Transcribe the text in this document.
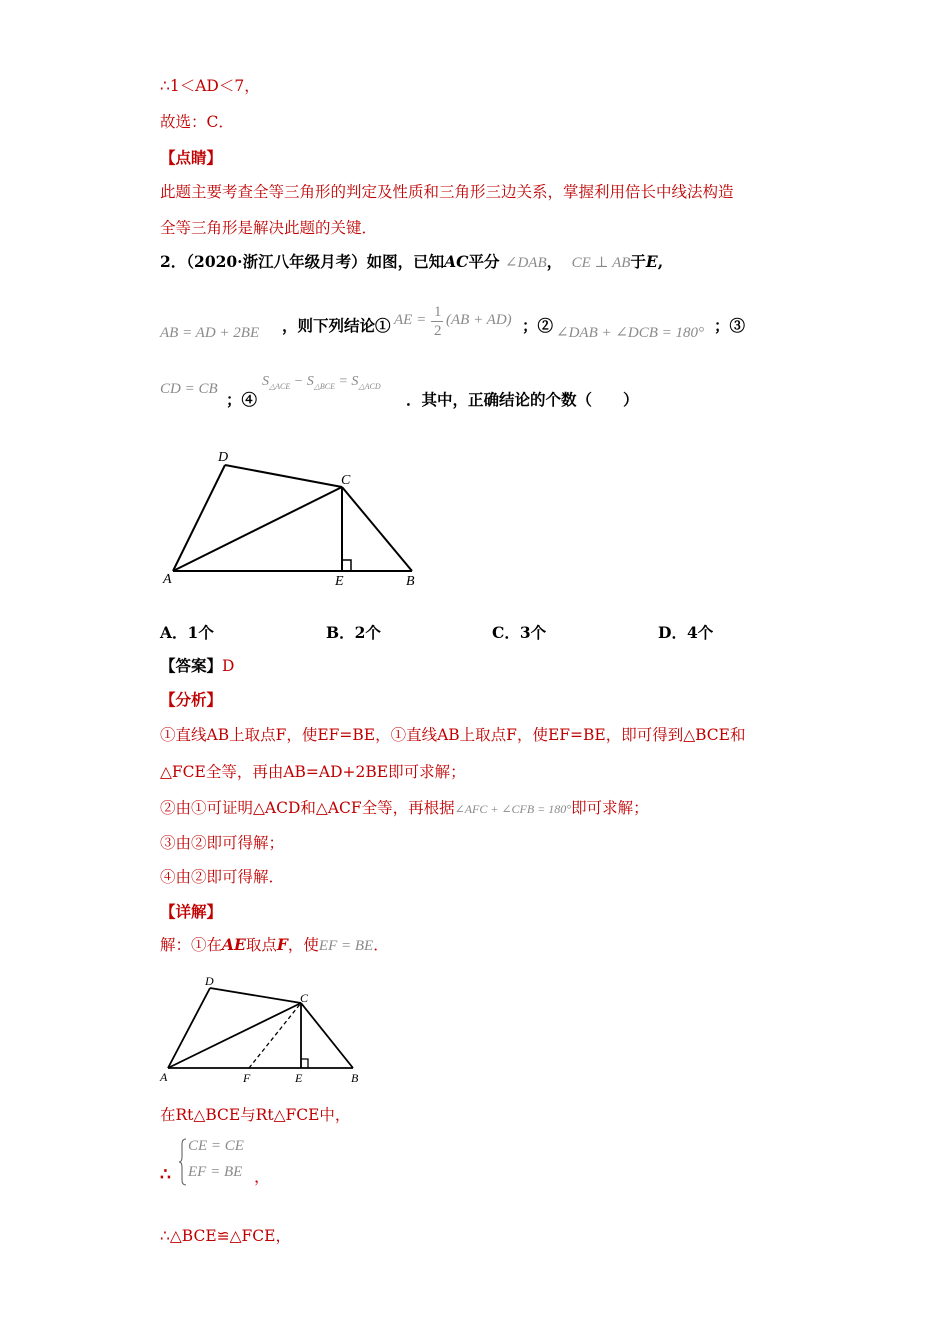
∴1＜AD＜7，
故选：C．
【点睛】
此题主要考查全等三角形的判定及性质和三角形三边关系，掌握利用倍长中线法构造
全等三角形是解决此题的关键．
2．（2020·浙江八年级月考）如图，已知AC平分 ∠DAB， CE ⊥ AB于E,
AB = AD + 2BE ，则下列结论① AE = 1
2
(AB + AD) ；② ∠DAB + ∠DCB = 180° ；③
CD = CB
；④
$S_{\triangle ACE} - S_{\triangle BCE} = S_{\triangle ACD}$
．其中，正确结论的个数（　　）
D
C
A	E	B
A．1个	B．2个	C．3个	D．4个
【答案】D
【分析】
①直线AB上取点F，使EF=BE，①直线AB上取点F，使EF=BE，即可得到△BCE和
△FCE全等，再由AB=AD+2BE即可求解；
②由①可证明△ACD和△ACF全等，再根据∠AFC + ∠CFB = 180°即可求解；
③由②即可得解；
④由②即可得解．
【详解】
解：①在AE取点F，使EF = BE．
D
C
A	F	E	B
在Rt△BCE与Rt△FCE中，
∴
CE = CE
EF = BE ，
∴△BCE≌△FCE，
